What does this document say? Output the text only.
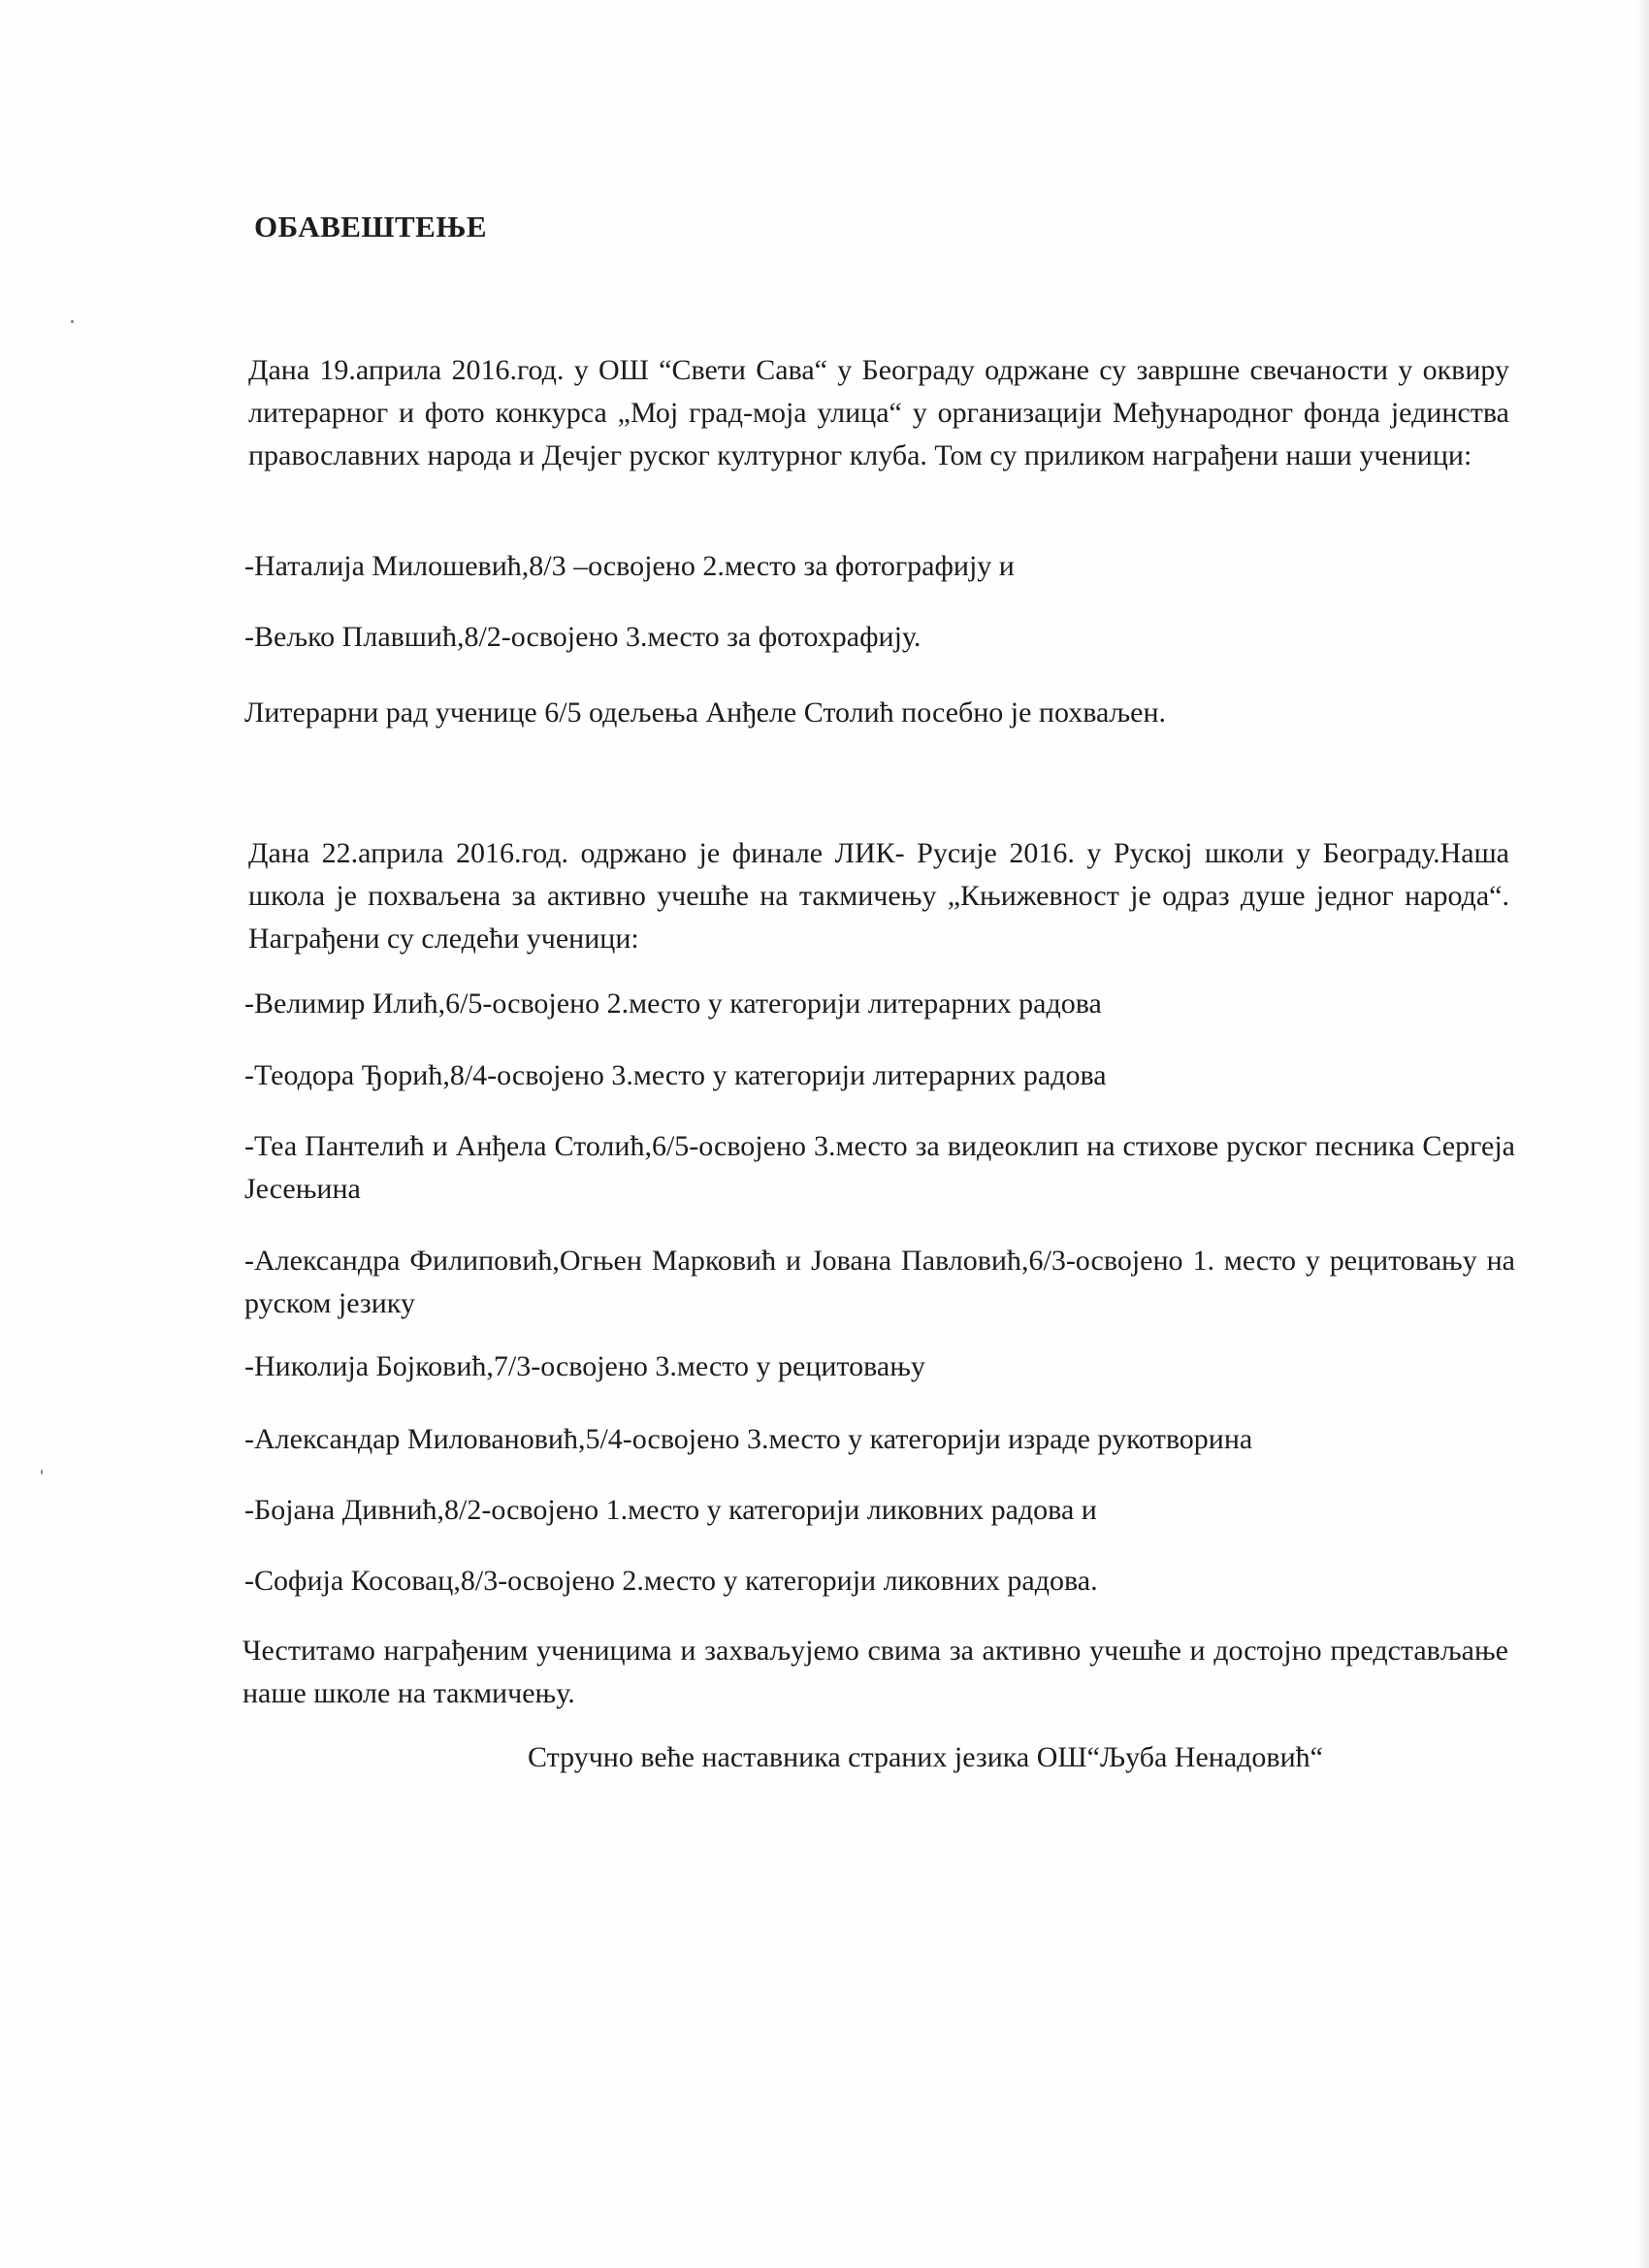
ОБАВЕШТЕЊЕ

Дана 19.априла 2016.год. у ОШ “Свети Сава“ у Београду одржане су завршне свечаности у оквиру литерарног и фото конкурса „Мој град-моја улица“ у организацији Међународног фонда јединства православних народа и Дечјег руског културног клуба. Том су приликом награђени наши ученици:

-Наталија Милошевић,8/3 –освојено 2.место за фотографију и

-Вељко Плавшић,8/2-освојено 3.место за фотохрафију.

Литерарни рад ученице 6/5 одељења Анђеле Столић посебно је похваљен.

Дана 22.априла 2016.год. одржано је финале ЛИК- Русије 2016. у Руској школи у Београду.Наша школа је похваљена за активно учешће на такмичењу „Књижевност је одраз душе једног народа“. Награђени су следећи ученици:

-Велимир Илић,6/5-освојено 2.место у категорији литерарних радова

-Теодора Ђорић,8/4-освојено 3.место у категорији литерарних радова

-Теа Пантелић и Анђела Столић,6/5-освојено 3.место за видеоклип на стихове руског песника Сергеја Јесењина

-Александра Филиповић,Огњен Марковић и Јована Павловић,6/3-освојено 1. место у рецитовању на руском језику

-Николија Бојковић,7/3-освојено 3.место у рецитовању

-Александар Миловановић,5/4-освојено 3.место у категорији израде рукотворина

-Бојана Дивнић,8/2-освојено 1.место у категорији ликовних радова и

-Софија Косовац,8/3-освојено 2.место у категорији ликовних радова.

Честитамо награђеним ученицима и захваљујемо свима за активно учешће и достојно представљање наше школе на такмичењу.

Стручно веће наставника страних језика ОШ“Љуба Ненадовић“
